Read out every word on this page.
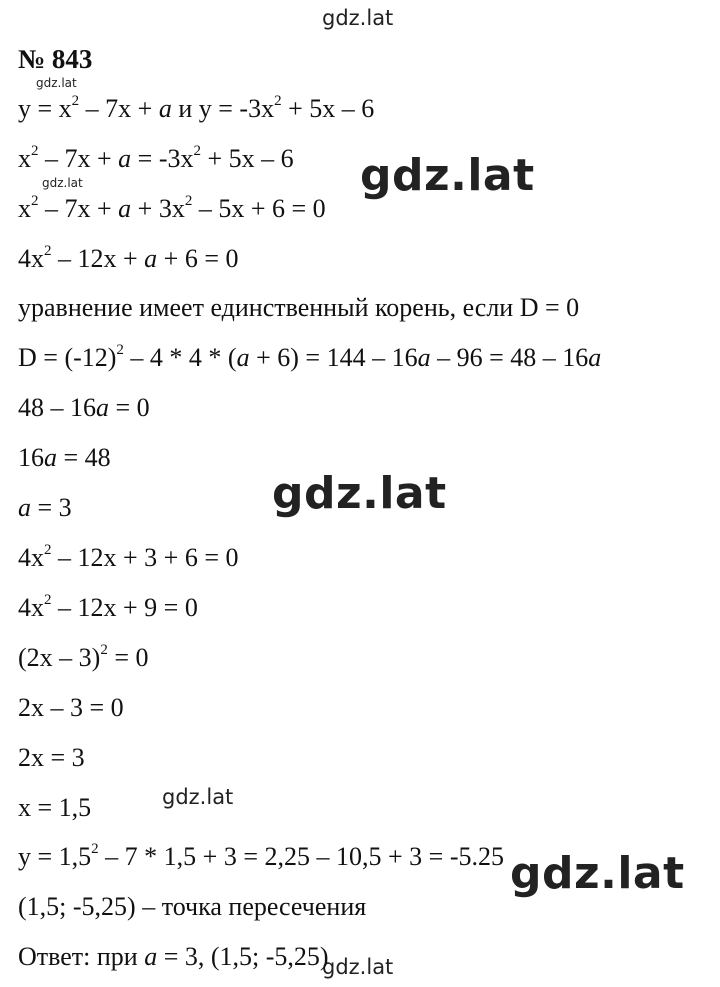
gdz.lat
gdz.lat
gdz.lat	gdz.lat
gdz.lat
gdz.lat
gdz.lat
gdz.lat
№ 843
$y = x^2 - 7x + a$ и $y = -3x^2 + 5x - 6$
$x^2 - 7x + a = -3x^2 + 5x - 6$
$x^2 - 7x + a + 3x^2 - 5x + 6 = 0$
$4x^2 - 12x + a + 6 = 0$
уравнение имеет единственный корень, если D = 0
$D = (-12)^2 - 4 * 4 * (a + 6) = 144 - 16a - 96 = 48 - 16a$
48 – 16a = 0
16a = 48
a = 3
$4x^2 - 12x + 3 + 6 = 0$
$4x^2 - 12x + 9 = 0$
(2x – 3)$^2$ = 0
2x – 3 = 0
2x = 3
x = 1,5
$y = 1,5^2 - 7 * 1,5 + 3 = 2,25 - 10,5 + 3 = -5.25$
(1,5; -5,25) – точка пересечения
Ответ: при a = 3, (1,5; -5,25)
